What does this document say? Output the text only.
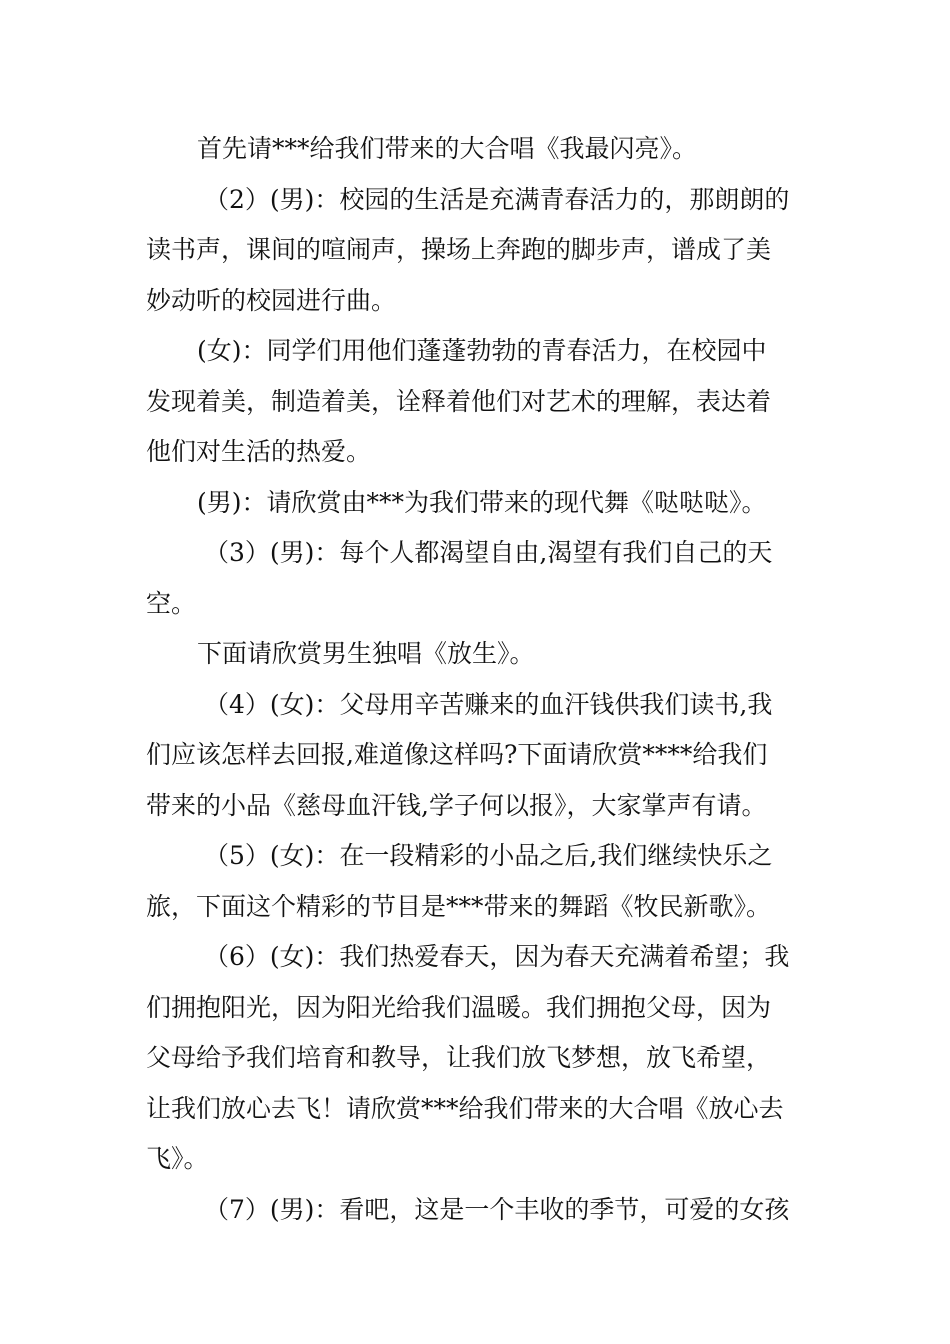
首先请***给我们带来的大合唱《我最闪亮》。

（2）(男)：校园的生活是充满青春活力的，那朗朗的
读书声，课间的喧闹声，操场上奔跑的脚步声，谱成了美
妙动听的校园进行曲。

(女)：同学们用他们蓬蓬勃勃的青春活力，在校园中
发现着美，制造着美，诠释着他们对艺术的理解，表达着
他们对生活的热爱。

(男)：请欣赏由***为我们带来的现代舞《哒哒哒》。

（3）(男)：每个人都渴望自由,渴望有我们自己的天
空。

下面请欣赏男生独唱《放生》。

（4）(女)：父母用辛苦赚来的血汗钱供我们读书,我
们应该怎样去回报,难道像这样吗?下面请欣赏****给我们
带来的小品《慈母血汗钱,学子何以报》，大家掌声有请。

（5）(女)：在一段精彩的小品之后,我们继续快乐之
旅，下面这个精彩的节目是***带来的舞蹈《牧民新歌》。

（6）(女)：我们热爱春天，因为春天充满着希望；我
们拥抱阳光，因为阳光给我们温暖。我们拥抱父母，因为
父母给予我们培育和教导，让我们放飞梦想，放飞希望，
让我们放心去飞！请欣赏***给我们带来的大合唱《放心去
飞》。

（7）(男)：看吧，这是一个丰收的季节，可爱的女孩
